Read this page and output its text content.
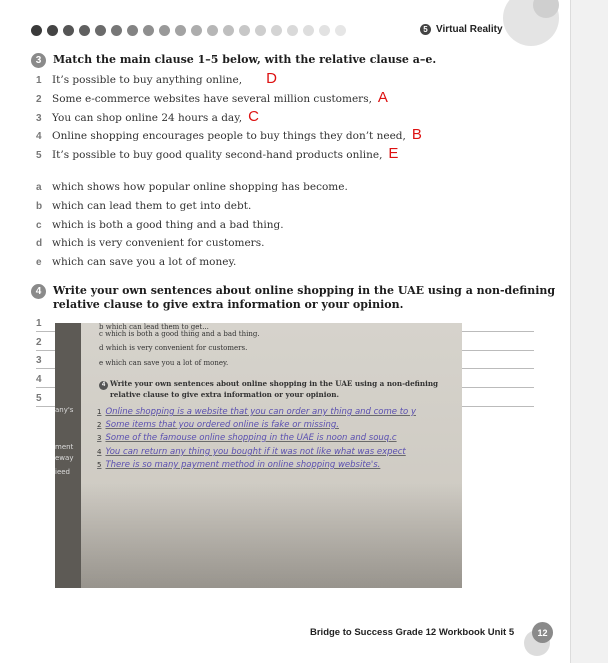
5 Virtual Reality
3	Match the main clause 1–5 below, with the relative clause a–e.
1 It’s possible to buy anything online, D
2 Some e-commerce websites have several million customers, A
3 You can shop online 24 hours a day, C
4 Online shopping encourages people to buy things they don’t need, B
5 It’s possible to buy good quality second-hand products online, E
a which shows how popular online shopping has become.
b which can lead them to get into debt.
c which is both a good thing and a bad thing.
d which is very convenient for customers.
e which can save you a lot of money.
4	Write your own sentences about online shopping in the UAE using a non-defining
relative clause to give extra information or your opinion.
1
2
3
4
5
any's
ment
eway
ieed
b which can lead them to get...
c which is both a good thing and a bad thing.
d which is very convenient for customers.
e which can save you a lot of money.
4 Write your own sentences about online shopping in the UAE using a non-defining
relative clause to give extra information or your opinion.
1 Online shopping is a website that you can order any thing and come to y
2 Some items that you ordered online is fake or missing.
3 Some of the famouse online shopping in the UAE is noon and souq.c
4 You can return any thing you bought if it was not like what was expect
5 There is so many payment method in online shopping website's.
Bridge to Success Grade 12 Workbook Unit 5	12
